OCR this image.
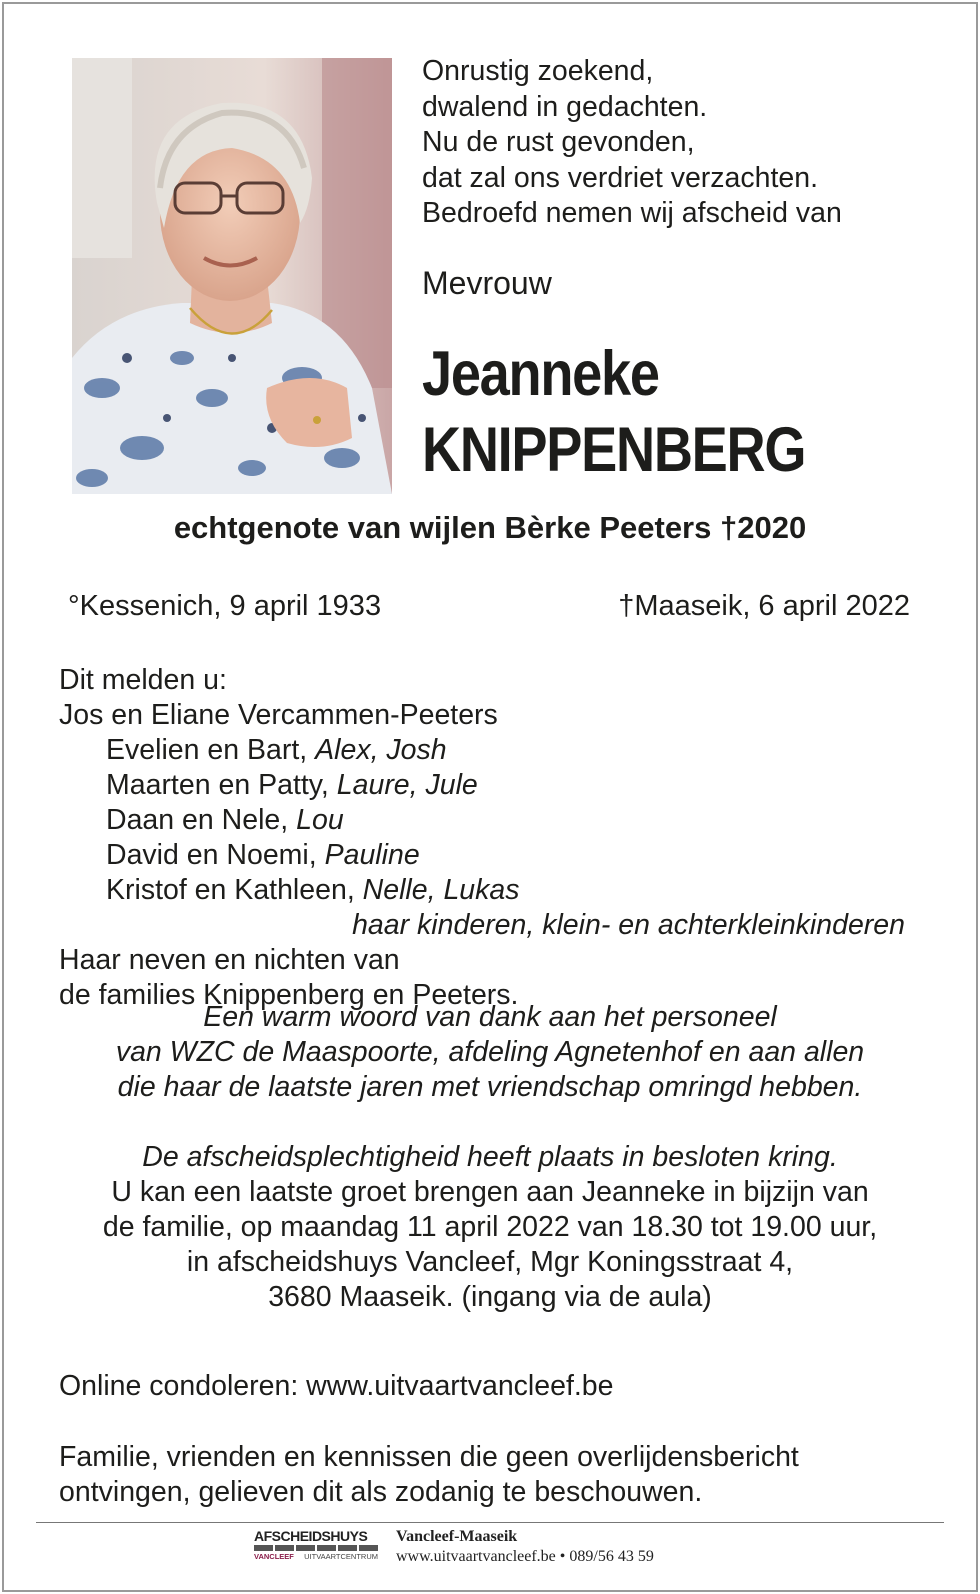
Onrustig zoekend,
dwalend in gedachten.
Nu de rust gevonden,
dat zal ons verdriet verzachten.
Bedroefd nemen wij afscheid van
Mevrouw
Jeanneke
KNIPPENBERG
echtgenote van wijlen Bèrke Peeters †2020
°Kessenich, 9 april 1933	†Maaseik, 6 april 2022
Dit melden u:
Jos en Eliane Vercammen-Peeters
Evelien en Bart, Alex, Josh
Maarten en Patty, Laure, Jule
Daan en Nele, Lou
David en Noemi, Pauline
Kristof en Kathleen, Nelle, Lukas
haar kinderen, klein- en achterkleinkinderen
Haar neven en nichten van
de families Knippenberg en Peeters.
Een warm woord van dank aan het personeel
van WZC de Maaspoorte, afdeling Agnetenhof en aan allen
die haar de laatste jaren met vriendschap omringd hebben.
De afscheidsplechtigheid heeft plaats in besloten kring.
U kan een laatste groet brengen aan Jeanneke in bijzijn van
de familie, op maandag 11 april 2022 van 18.30 tot 19.00 uur,
in afscheidshuys Vancleef, Mgr Koningsstraat 4,
3680 Maaseik. (ingang via de aula)
Online condoleren: www.uitvaartvancleef.be
Familie, vrienden en kennissen die geen overlijdensbericht
ontvingen, gelieven dit als zodanig te beschouwen.
AFSCHEIDSHUYS
VANCLEEF UITVAARTCENTRUM
Vancleef-Maaseik
www.uitvaartvancleef.be • 089/56 43 59
